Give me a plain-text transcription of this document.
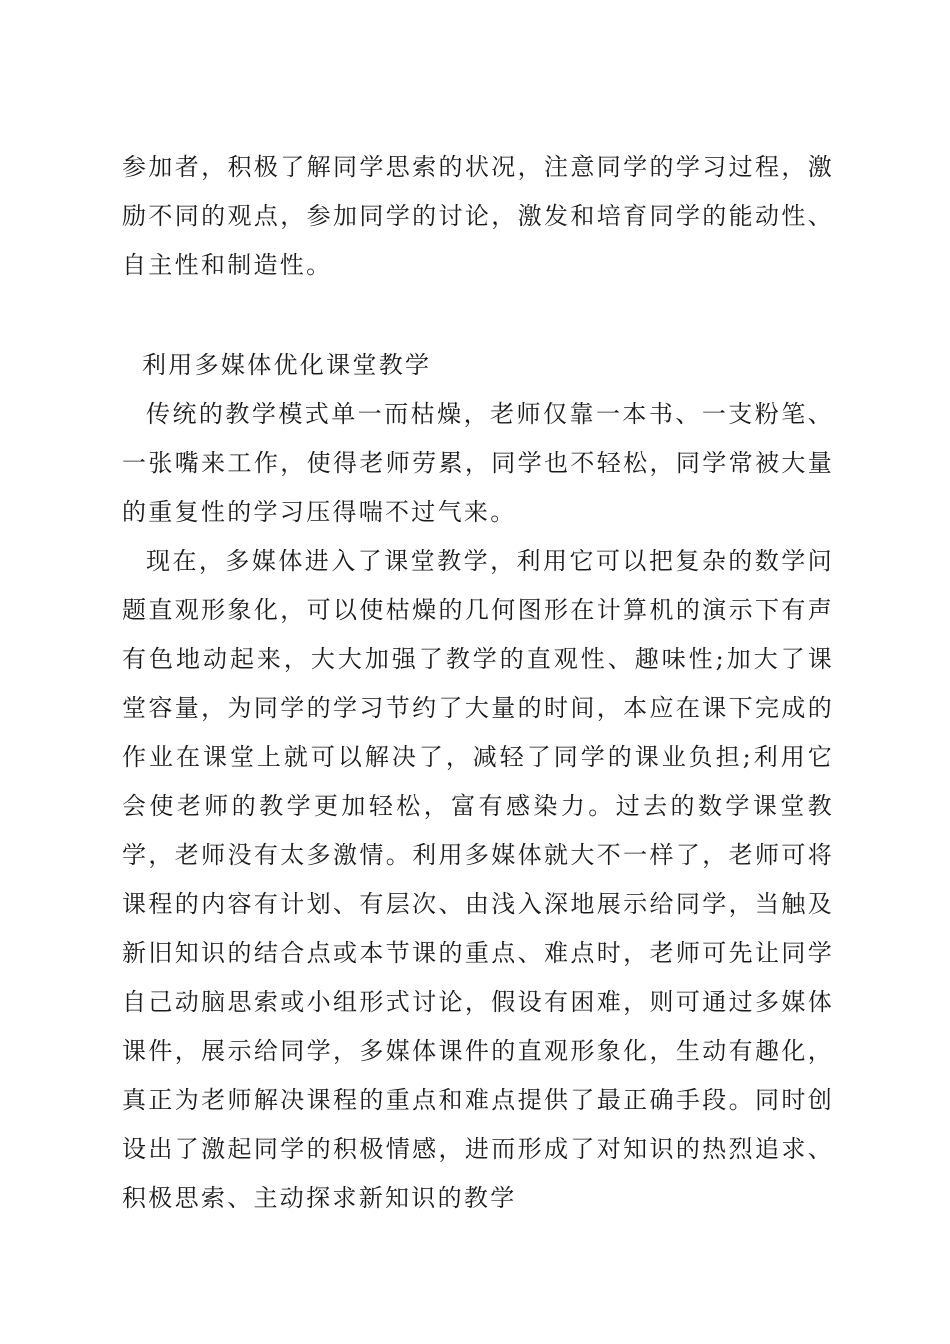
参加者，积极了解同学思索的状况，注意同学的学习过程，激励不同的观点，参加同学的讨论，激发和培育同学的能动性、自主性和制造性。

利用多媒体优化课堂教学

传统的教学模式单一而枯燥，老师仅靠一本书、一支粉笔、一张嘴来工作，使得老师劳累，同学也不轻松，同学常被大量的重复性的学习压得喘不过气来。

现在，多媒体进入了课堂教学，利用它可以把复杂的数学问题直观形象化，可以使枯燥的几何图形在计算机的演示下有声有色地动起来，大大加强了教学的直观性、趣味性;加大了课堂容量，为同学的学习节约了大量的时间，本应在课下完成的作业在课堂上就可以解决了，减轻了同学的课业负担;利用它会使老师的教学更加轻松，富有感染力。过去的数学课堂教学，老师没有太多激情。利用多媒体就大不一样了，老师可将课程的内容有计划、有层次、由浅入深地展示给同学，当触及新旧知识的结合点或本节课的重点、难点时，老师可先让同学自己动脑思索或小组形式讨论，假设有困难，则可通过多媒体课件，展示给同学，多媒体课件的直观形象化，生动有趣化，真正为老师解决课程的重点和难点提供了最正确手段。同时创设出了激起同学的积极情感，进而形成了对知识的热烈追求、积极思索、主动探求新知识的教学
